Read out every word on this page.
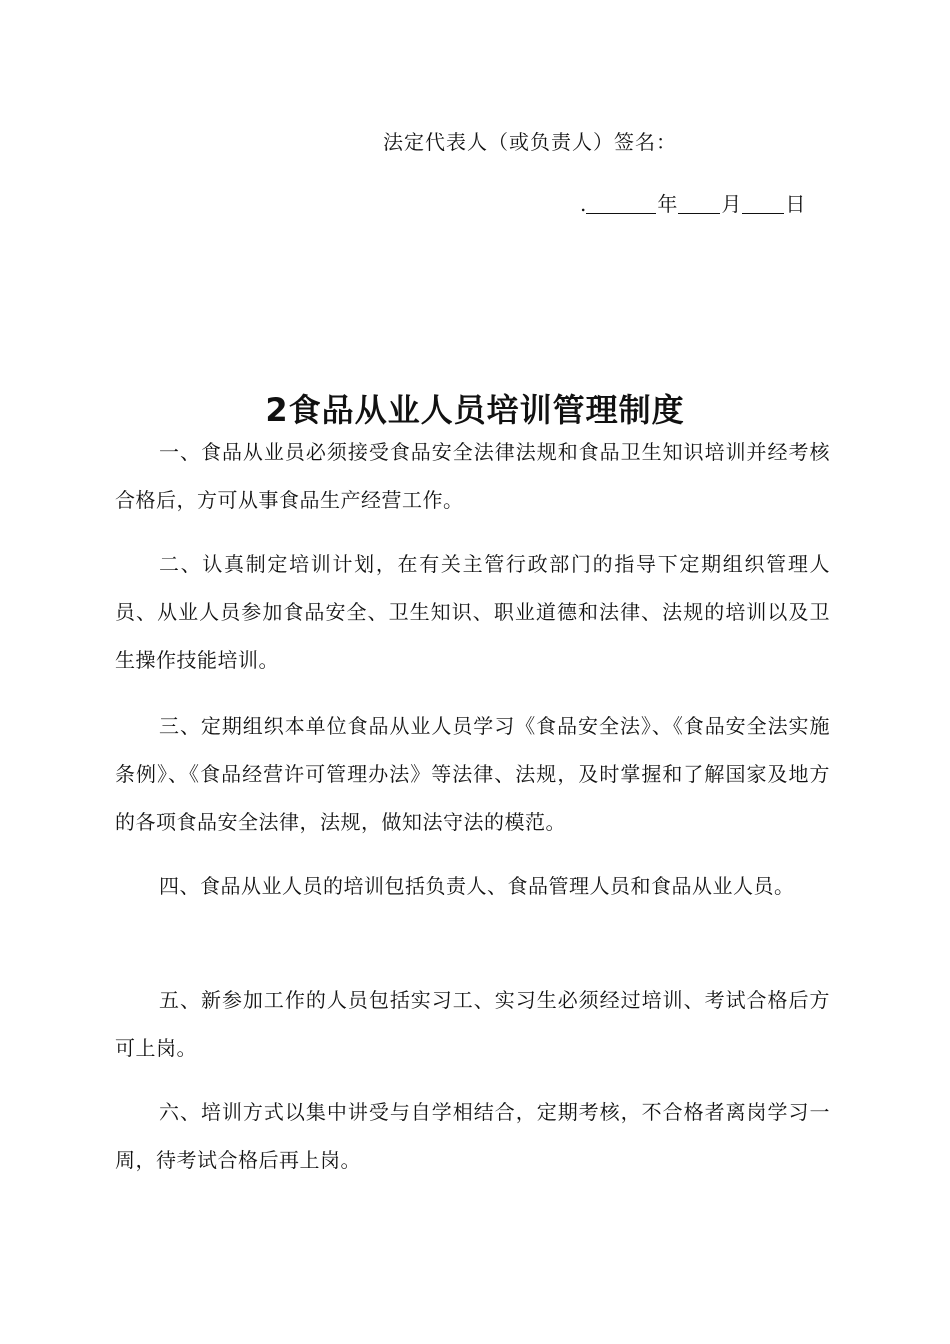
法定代表人（或负责人）签名：
.	年 月 日
2食品从业人员培训管理制度

一、食品从业员必须接受食品安全法律法规和食品卫生知识培训并经考核合格后，方可从事食品生产经营工作。

二、认真制定培训计划，在有关主管行政部门的指导下定期组织管理人员、从业人员参加食品安全、卫生知识、职业道德和法律、法规的培训以及卫生操作技能培训。

三、定期组织本单位食品从业人员学习《食品安全法》、《食品安全法实施条例》、《食品经营许可管理办法》等法律、法规，及时掌握和了解国家及地方的各项食品安全法律，法规，做知法守法的模范。

四、食品从业人员的培训包括负责人、食品管理人员和食品从业人员。

五、新参加工作的人员包括实习工、实习生必须经过培训、考试合格后方可上岗。

六、培训方式以集中讲受与自学相结合，定期考核，不合格者离岗学习一周，待考试合格后再上岗。
